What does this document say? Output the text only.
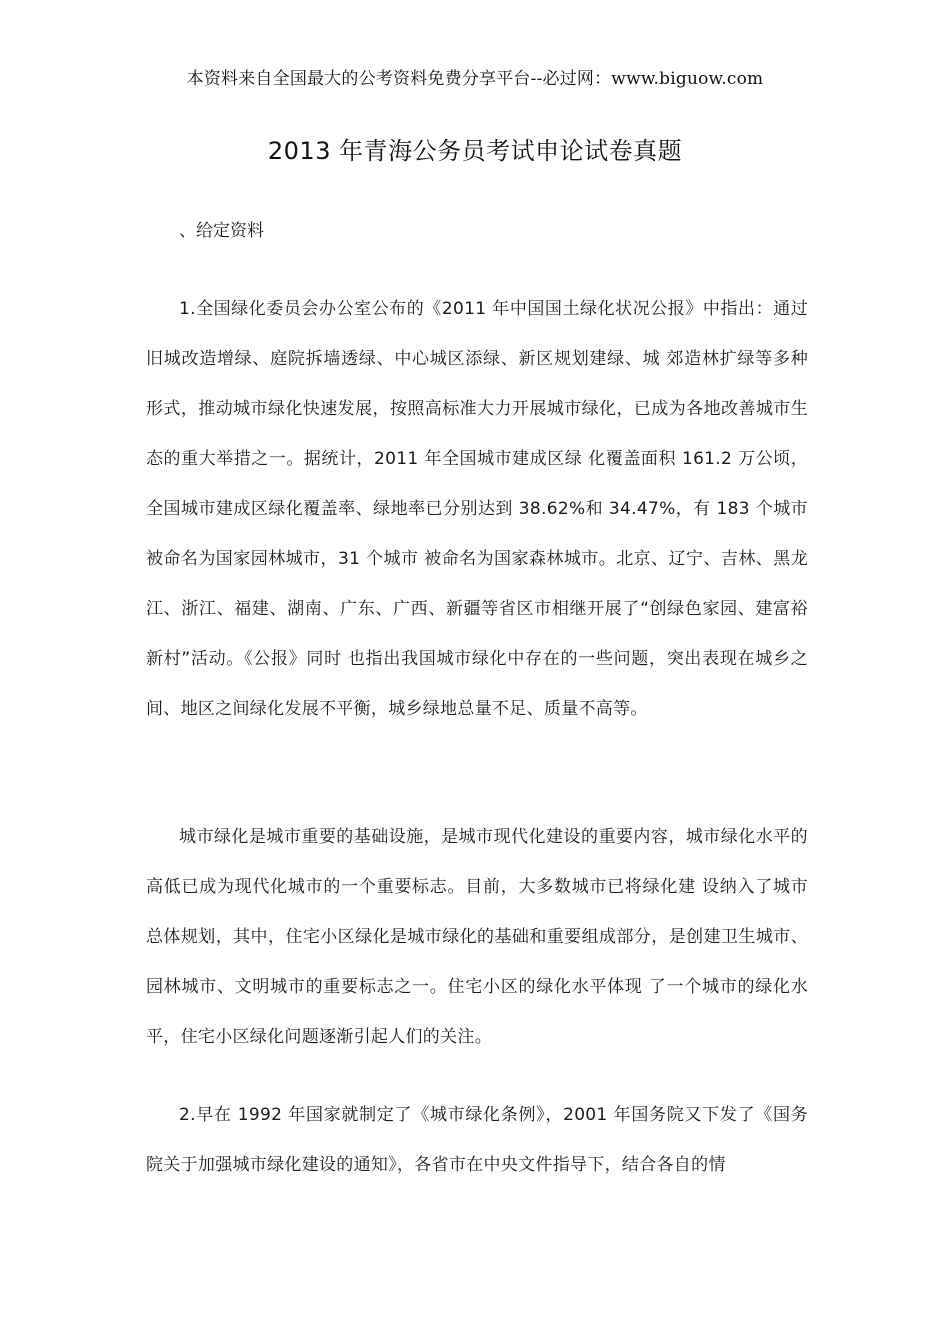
本资料来自全国最大的公考资料免费分享平台--必过网：www.biguow.com
2013 年青海公务员考试申论试卷真题
、给定资料
1.全国绿化委员会办公室公布的《2011 年中国国土绿化状况公报》中指出：通过旧城改造增绿、庭院拆墙透绿、中心城区添绿、新区规划建绿、城 郊造林扩绿等多种形式，推动城市绿化快速发展，按照高标准大力开展城市绿化，已成为各地改善城市生态的重大举措之一。据统计，2011 年全国城市建成区绿 化覆盖面积 161.2 万公顷，全国城市建成区绿化覆盖率、绿地率已分别达到 38.62%和 34.47%，有 183 个城市被命名为国家园林城市，31 个城市 被命名为国家森林城市。北京、辽宁、吉林、黑龙江、浙江、福建、湖南、广东、广西、新疆等省区市相继开展了“创绿色家园、建富裕新村”活动。《公报》同时 也指出我国城市绿化中存在的一些问题，突出表现在城乡之间、地区之间绿化发展不平衡，城乡绿地总量不足、质量不高等。
城市绿化是城市重要的基础设施，是城市现代化建设的重要内容，城市绿化水平的高低已成为现代化城市的一个重要标志。目前，大多数城市已将绿化建 设纳入了城市总体规划，其中，住宅小区绿化是城市绿化的基础和重要组成部分，是创建卫生城市、园林城市、文明城市的重要标志之一。住宅小区的绿化水平体现 了一个城市的绿化水平，住宅小区绿化问题逐渐引起人们的关注。
2.早在 1992 年国家就制定了《城市绿化条例》，2001 年国务院又下发了《国务院关于加强城市绿化建设的通知》，各省市在中央文件指导下，结合各自的情
